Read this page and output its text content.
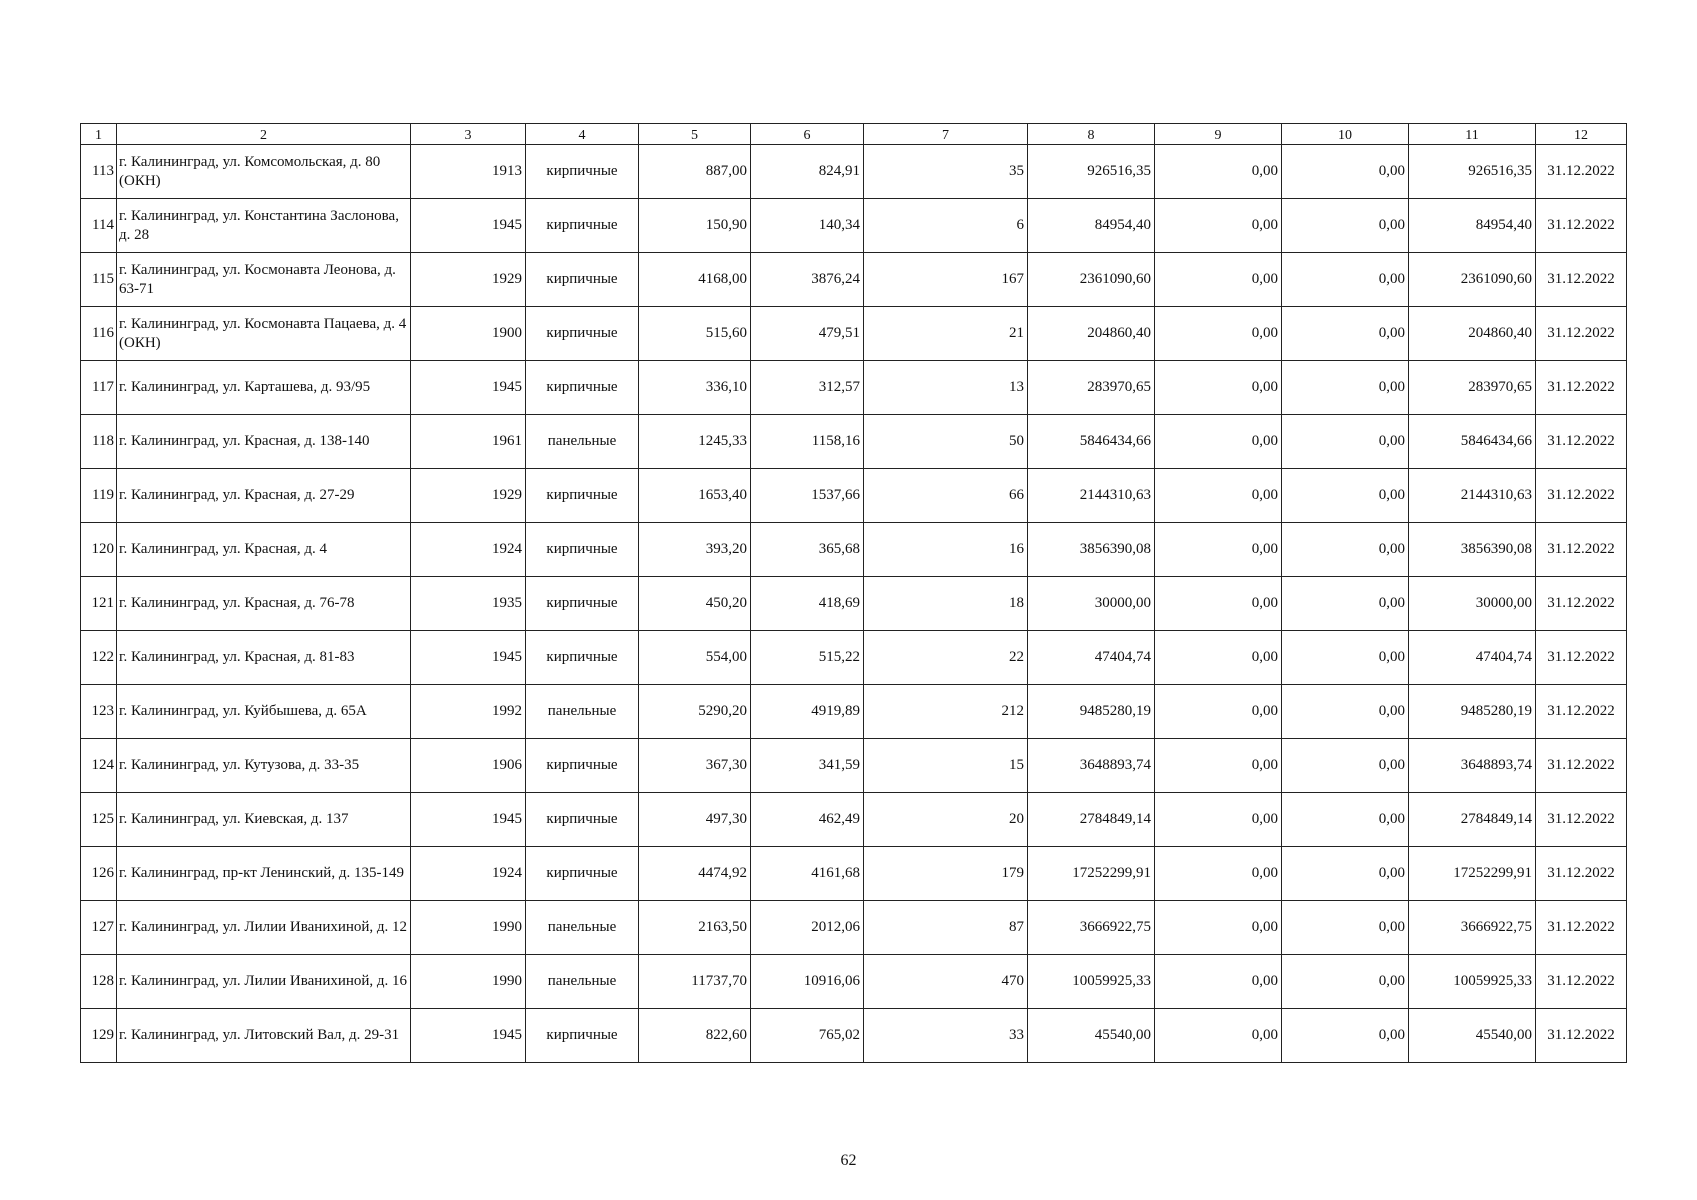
1	2	3	4	5	6	7	8	9	10	11	12
113	г. Калининград, ул. Комсомольская, д. 80 (ОКН)	1913	кирпичные	887,00	824,91	35	926516,35	0,00	0,00	926516,35	31.12.2022
114	г. Калининград, ул. Константина Заслонова, д. 28	1945	кирпичные	150,90	140,34	6	84954,40	0,00	0,00	84954,40	31.12.2022
115	г. Калининград, ул. Космонавта Леонова, д. 63-71	1929	кирпичные	4168,00	3876,24	167	2361090,60	0,00	0,00	2361090,60	31.12.2022
116	г. Калининград, ул. Космонавта Пацаева, д. 4 (ОКН)	1900	кирпичные	515,60	479,51	21	204860,40	0,00	0,00	204860,40	31.12.2022
117	г. Калининград, ул. Карташева, д. 93/95	1945	кирпичные	336,10	312,57	13	283970,65	0,00	0,00	283970,65	31.12.2022
118	г. Калининград, ул. Красная, д. 138-140	1961	панельные	1245,33	1158,16	50	5846434,66	0,00	0,00	5846434,66	31.12.2022
119	г. Калининград, ул. Красная, д. 27-29	1929	кирпичные	1653,40	1537,66	66	2144310,63	0,00	0,00	2144310,63	31.12.2022
120	г. Калининград, ул. Красная, д. 4	1924	кирпичные	393,20	365,68	16	3856390,08	0,00	0,00	3856390,08	31.12.2022
121	г. Калининград, ул. Красная, д. 76-78	1935	кирпичные	450,20	418,69	18	30000,00	0,00	0,00	30000,00	31.12.2022
122	г. Калининград, ул. Красная, д. 81-83	1945	кирпичные	554,00	515,22	22	47404,74	0,00	0,00	47404,74	31.12.2022
123	г. Калининград, ул. Куйбышева, д. 65А	1992	панельные	5290,20	4919,89	212	9485280,19	0,00	0,00	9485280,19	31.12.2022
124	г. Калининград, ул. Кутузова, д. 33-35	1906	кирпичные	367,30	341,59	15	3648893,74	0,00	0,00	3648893,74	31.12.2022
125	г. Калининград, ул. Киевская, д. 137	1945	кирпичные	497,30	462,49	20	2784849,14	0,00	0,00	2784849,14	31.12.2022
126	г. Калининград, пр-кт Ленинский, д. 135-149	1924	кирпичные	4474,92	4161,68	179	17252299,91	0,00	0,00	17252299,91	31.12.2022
127	г. Калининград, ул. Лилии Иванихиной, д. 12	1990	панельные	2163,50	2012,06	87	3666922,75	0,00	0,00	3666922,75	31.12.2022
128	г. Калининград, ул. Лилии Иванихиной, д. 16	1990	панельные	11737,70	10916,06	470	10059925,33	0,00	0,00	10059925,33	31.12.2022
129	г. Калининград, ул. Литовский Вал, д. 29-31	1945	кирпичные	822,60	765,02	33	45540,00	0,00	0,00	45540,00	31.12.2022
62
